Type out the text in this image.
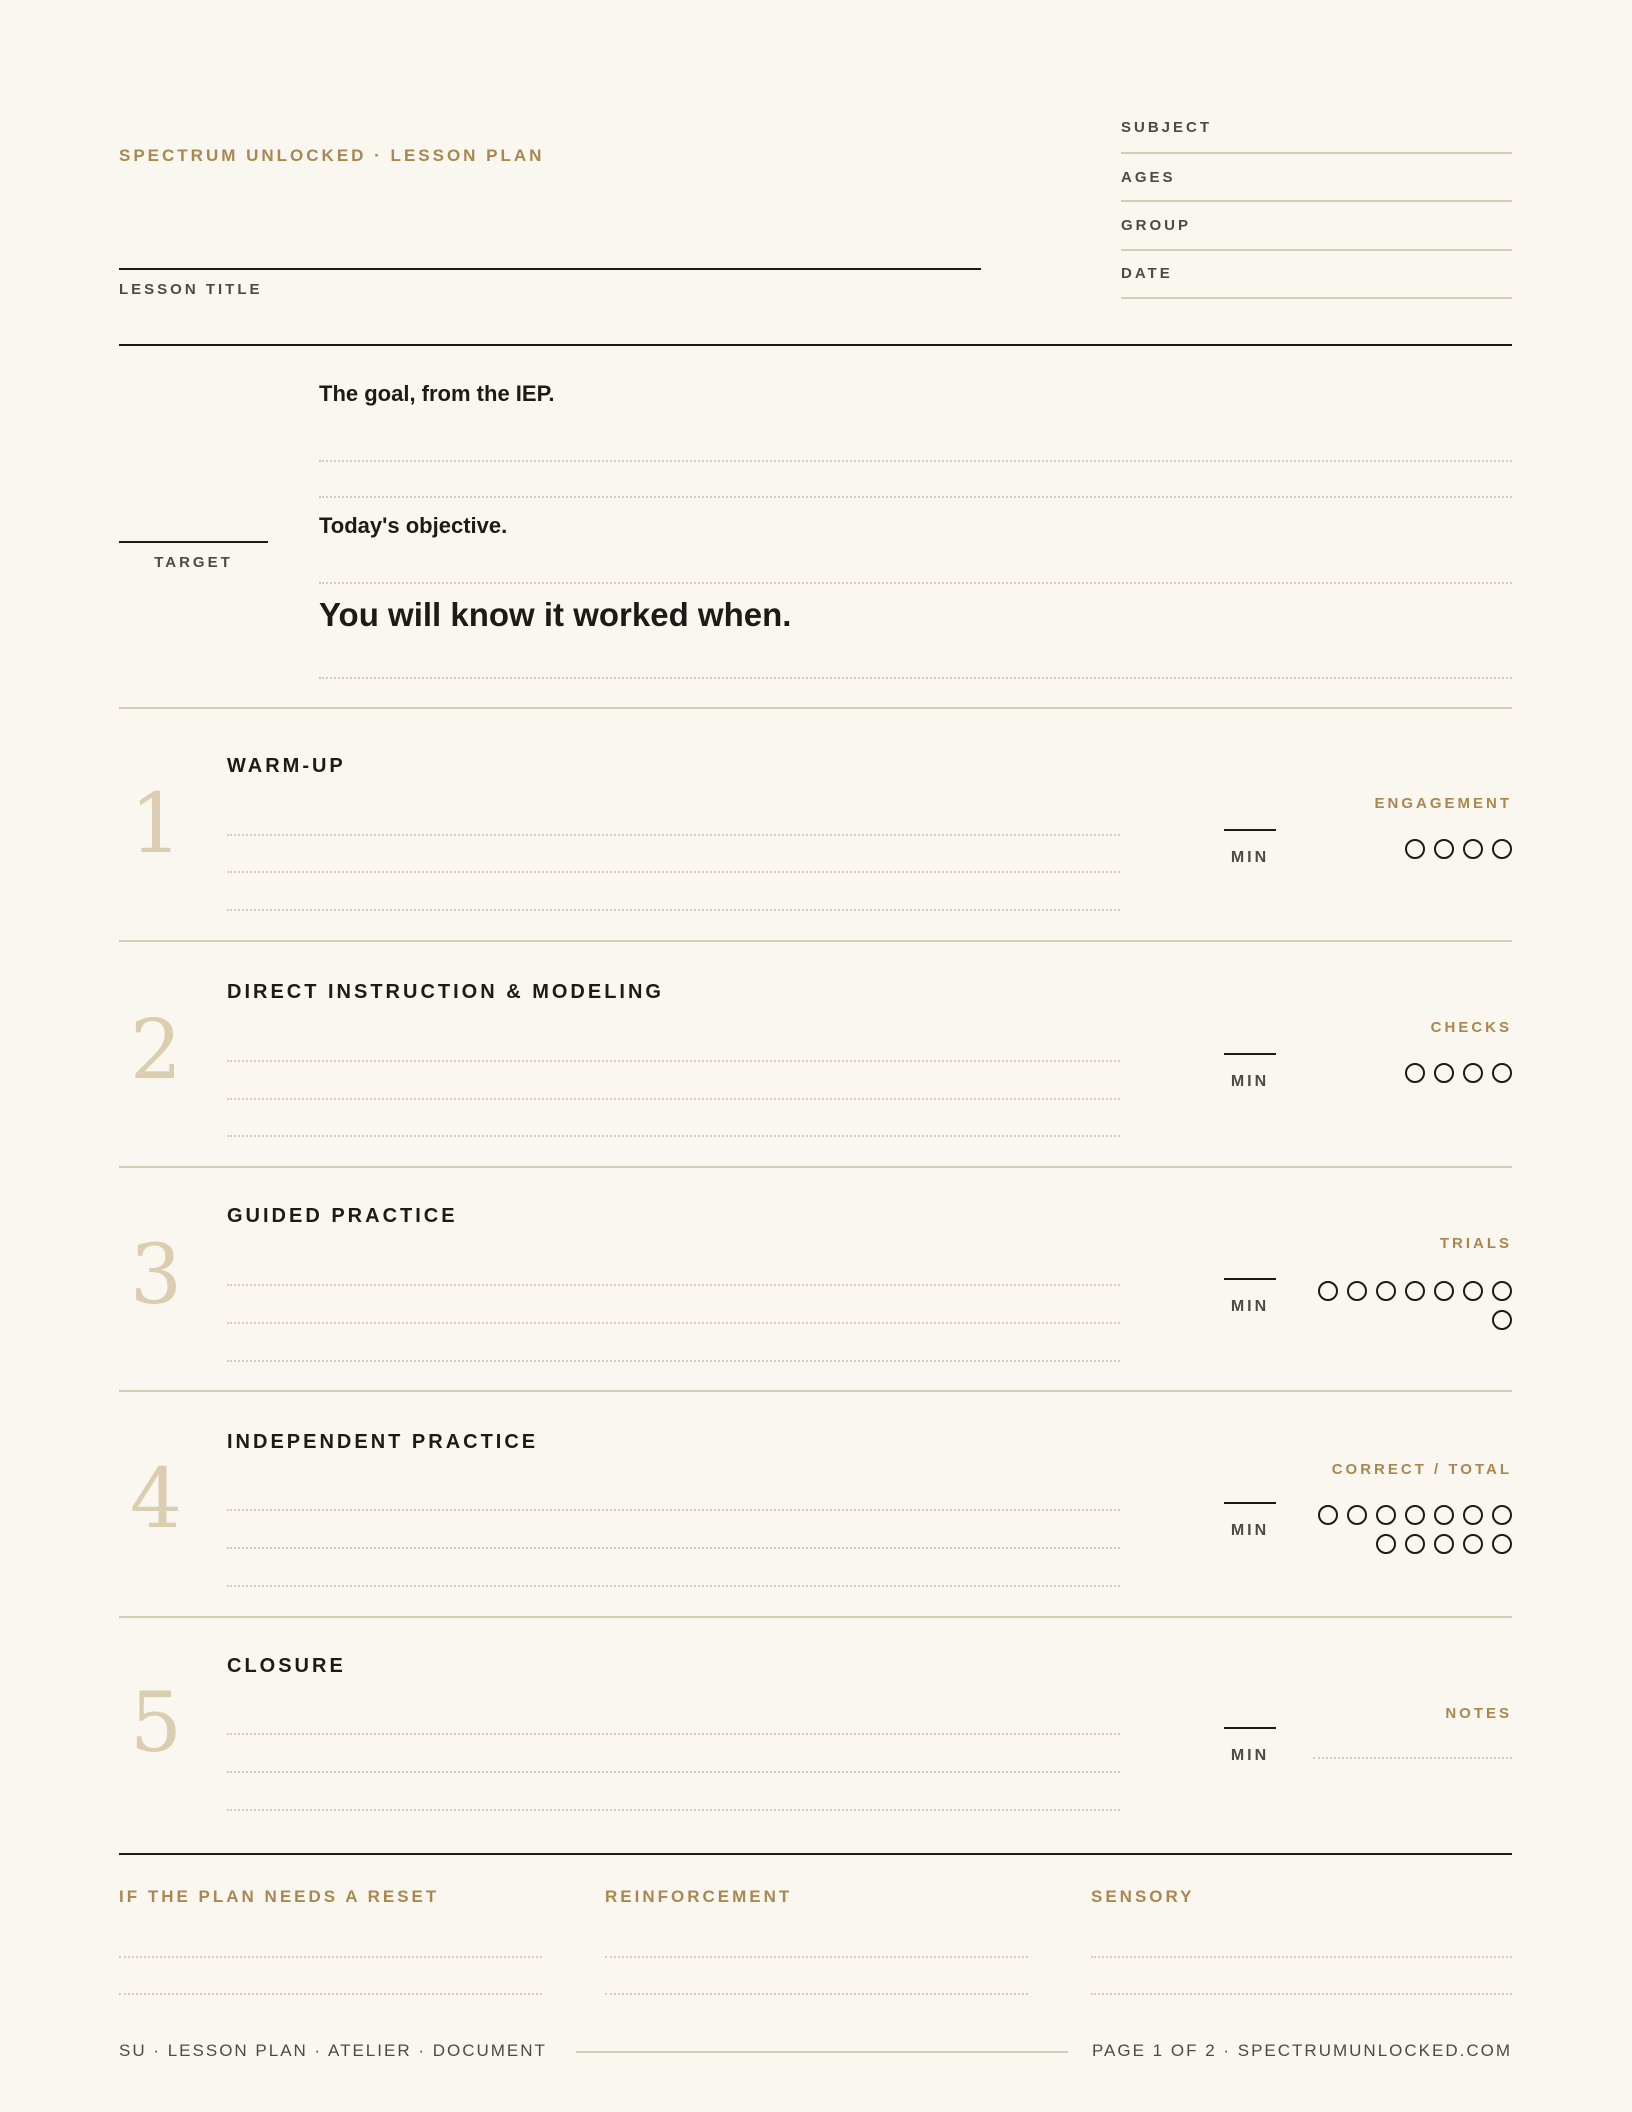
SPECTRUM UNLOCKED · LESSON PLAN
LESSON TITLE
SUBJECT
AGES
GROUP
DATE
TARGET
The goal, from the IEP.
Today's objective.
You will know it worked when.
1
WARM-UP
MIN
ENGAGEMENT
2
DIRECT INSTRUCTION & MODELING
MIN
CHECKS
3
GUIDED PRACTICE
MIN
TRIALS
4
INDEPENDENT PRACTICE
MIN
CORRECT / TOTAL
5
CLOSURE
MIN
NOTES
IF THE PLAN NEEDS A RESET	REINFORCEMENT	SENSORY
SU · LESSON PLAN · ATELIER · DOCUMENT	PAGE 1 OF 2 · SPECTRUMUNLOCKED.COM
